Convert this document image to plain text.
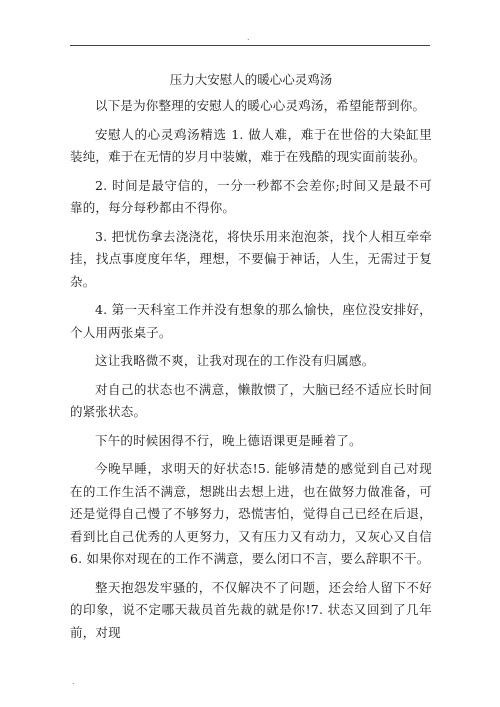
.
压力大安慰人的暖心心灵鸡汤

以下是为你整理的安慰人的暖心心灵鸡汤，希望能帮到你。

安慰人的心灵鸡汤精选 1. 做人难，难于在世俗的大染缸里装纯，难于在无情的岁月中装嫩，难于在残酷的现实面前装孙。

2. 时间是最守信的，一分一秒都不会差你;时间又是最不可靠的，每分每秒都由不得你。

3. 把忧伤拿去浇浇花，将快乐用来泡泡茶，找个人相互牵牵挂，找点事度度年华，理想，不要偏于神话，人生，无需过于复杂。

4. 第一天科室工作并没有想象的那么愉快，座位没安排好，个人用两张桌子。

这让我略微不爽，让我对现在的工作没有归属感。

对自己的状态也不满意，懒散惯了，大脑已经不适应长时间的紧张状态。

下午的时候困得不行，晚上德语课更是睡着了。

今晚早睡，求明天的好状态!5. 能够清楚的感觉到自己对现在的工作生活不满意，想跳出去想上进，也在做努力做准备，可还是觉得自己慢了不够努力，恐慌害怕，觉得自己已经在后退，看到比自己优秀的人更努力，又有压力又有动力，又灰心又自信 6. 如果你对现在的工作不满意，要么闭口不言，要么辞职不干。

整天抱怨发牢骚的，不仅解决不了问题，还会给人留下不好的印象，说不定哪天裁员首先裁的就是你!7. 状态又回到了几年前，对现

.
